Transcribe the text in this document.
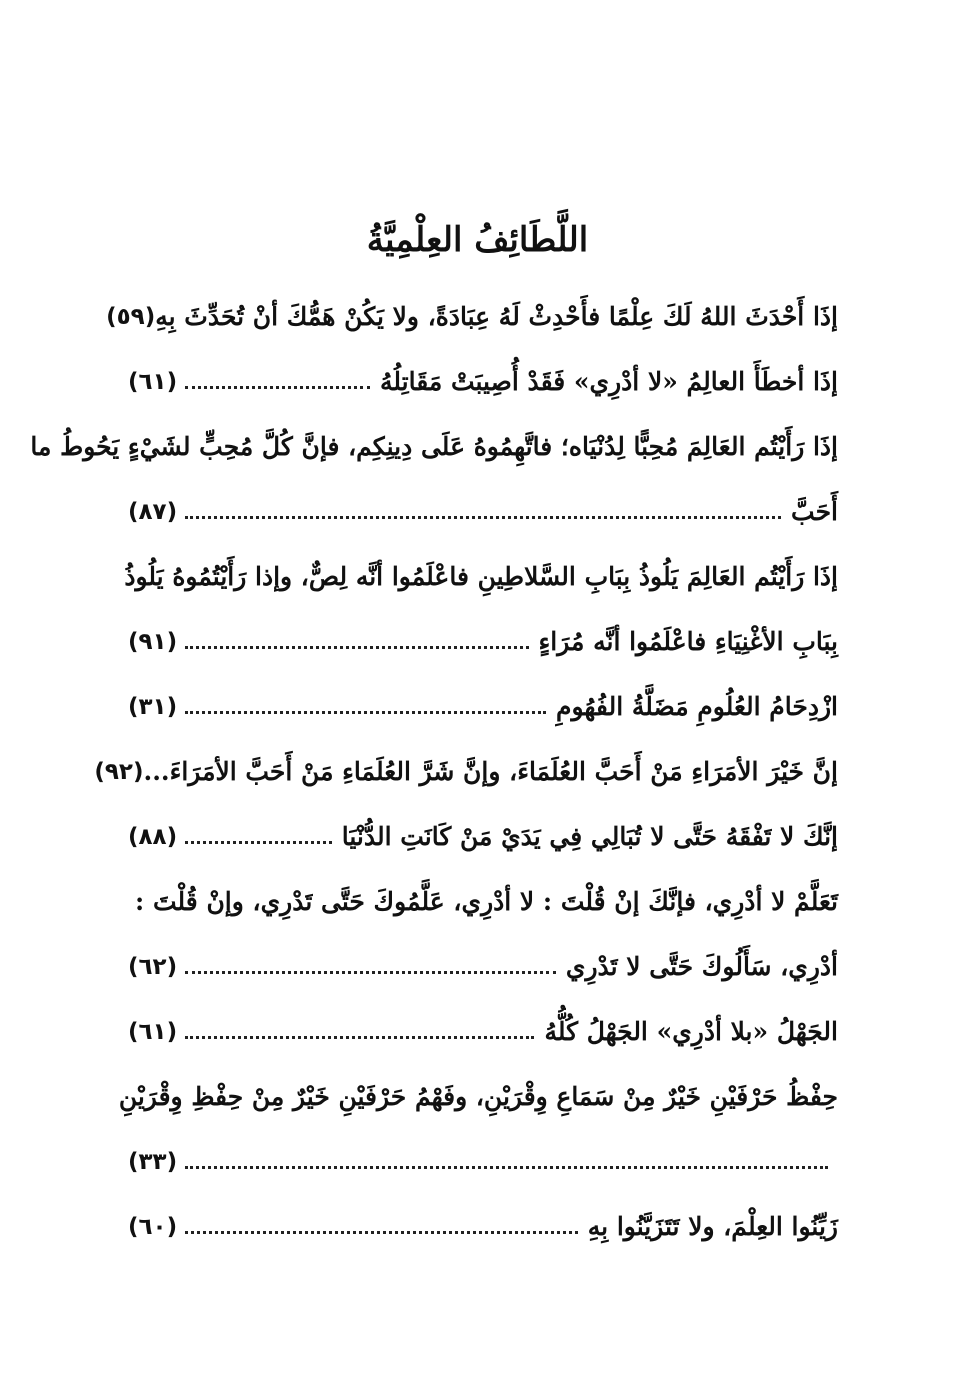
اللَّطَائِفُ العِلْمِيَّةُ
إذَا أَحْدَثَ اللهُ لَكَ عِلْمًا فأَحْدِثْ لَهُ عِبَادَةً، ولا يَكُنْ هَمُّكَ أنْ تُحَدِّثَ بِهِ
(٥٩)
إذَا أخطَأَ العالِمُ «لا أدْرِي» فَقَدْ أُصِيبَتْ مَقَاتِلُهُ
(٦١)
إذَا رَأَيْتُم العَالِمَ مُحِبًّا لِدُنْيَاه؛ فاتَّهِمُوهُ عَلَى دِينِكِم، فإنَّ كُلَّ مُحِبٍّ لشَيْءٍ يَحُوطُ ما
أَحَبَّ
(٨٧)
إذَا رَأَيْتُم العَالِمَ يَلُوذُ بِبَابِ السَّلاطِينِ فاعْلَمُوا أنَّه لِصٌّ، وإذا رَأَيْتُمُوهُ يَلُوذُ
بِبَابِ الأغْنِيَاءِ فاعْلَمُوا أنَّه مُرَاءٍ
(٩١)
ازْدِحَامُ العُلُومِ مَضَلَّةُ الفُهُومِ
(٣١)
إنَّ خَيْرَ الأمَرَاءِ مَنْ أَحَبَّ العُلَمَاءَ، وإنَّ شَرَّ العُلَمَاءِ مَنْ أَحَبَّ الأمَرَاءَ...
(٩٢)
إنَّكَ لا تَفْقَهُ حَتَّى لا تُبَالِي فِي يَدَيْ مَنْ كَانَتِ الدُّنْيَا
(٨٨)
تَعَلَّمْ لا أدْرِي، فإنَّكَ إنْ قُلْتَ : لا أدْرِي، عَلَّمُوكَ حَتَّى تَدْرِي، وإنْ قُلْتَ :
أدْرِي، سَأَلُوكَ حَتَّى لا تَدْرِي
(٦٢)
الجَهْلُ «بلا أدْرِي» الجَهْلُ كُلُّهُ
(٦١)
حِفْظُ حَرْفَيْنِ خَيْرٌ مِنْ سَمَاعِ وِقْرَيْنِ، وفَهْمُ حَرْفَيْنِ خَيْرٌ مِنْ حِفْظِ وِقْرَيْنِ
(٣٣)
زَيِّنُوا العِلْمَ، ولا تَتَزَيَّنُوا بِهِ
(٦٠)
